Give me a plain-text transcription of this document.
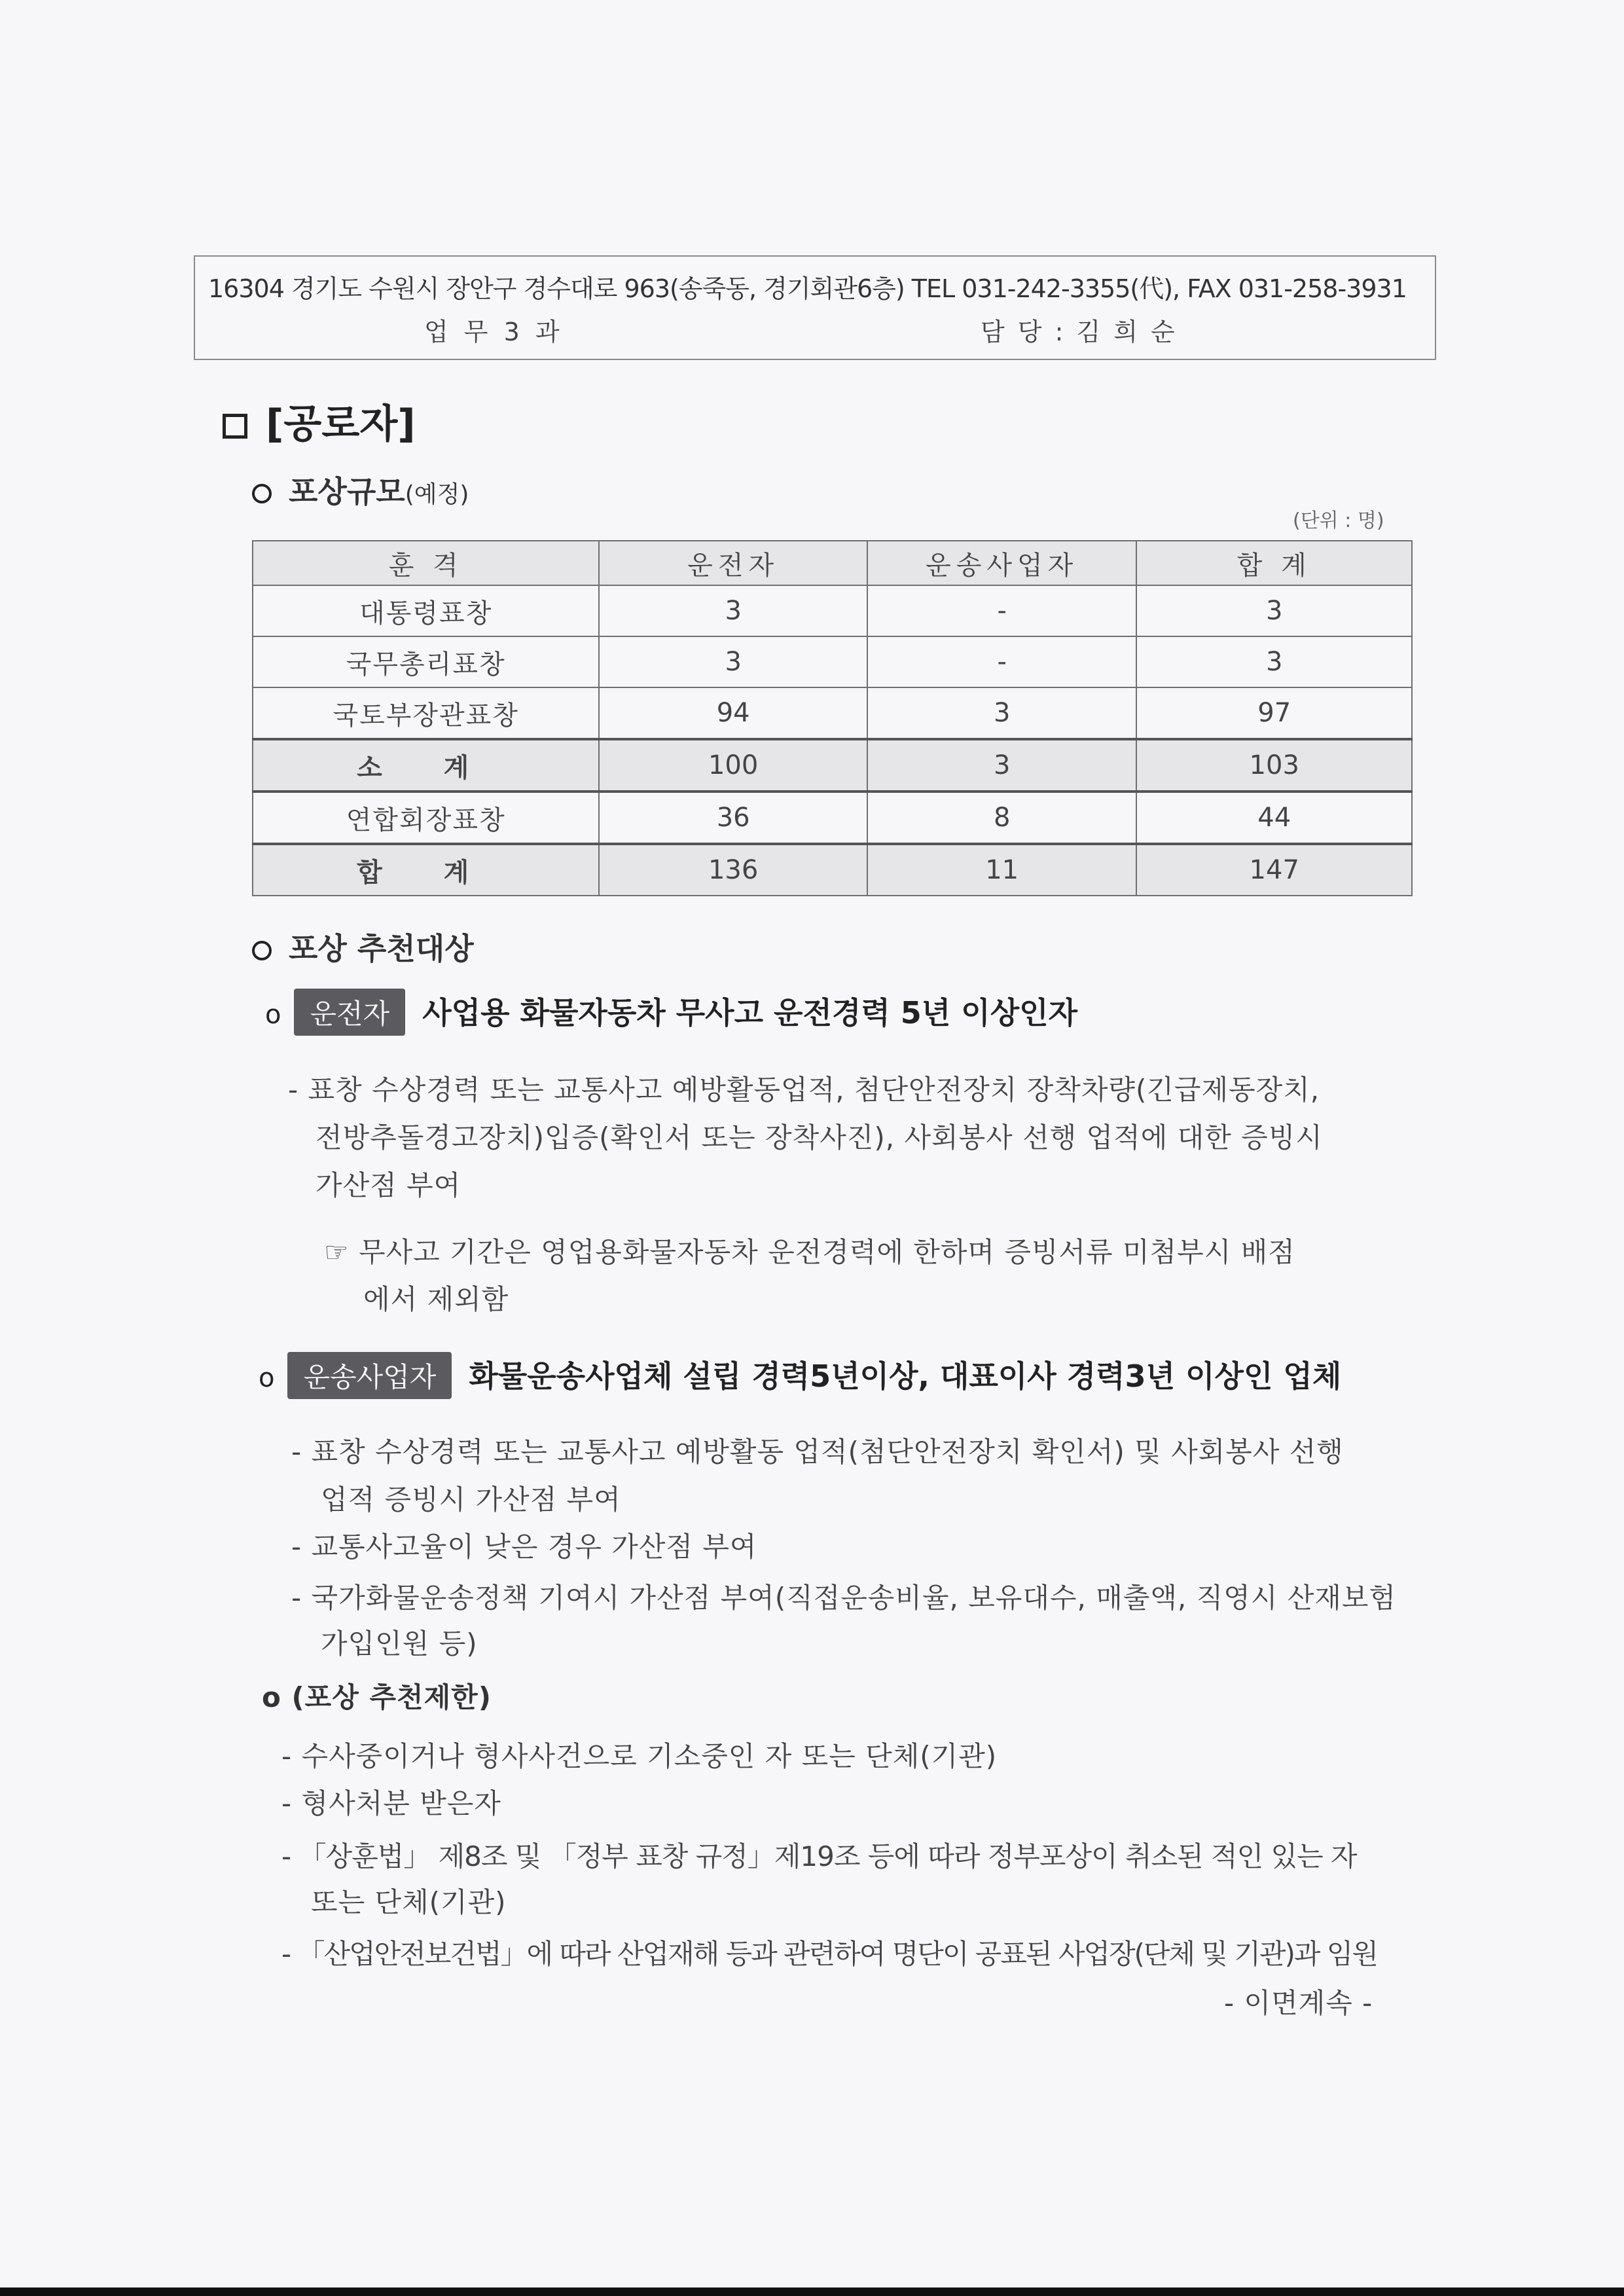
16304 경기도 수원시 장안구 경수대로 963(송죽동, 경기회관6층) TEL 031-242-3355(代), FAX 031-258-3931
업 무 3 과	담 당 : 김 희 순
[공로자]
포상규모(예정)
(단위 : 명)
훈 격	운전자	운송사업자	합 계
대통령표창	3	-	3
국무총리표창	3	-	3
국토부장관표창	94	3	97
소 계	100	3	103
연합회장표창	36	8	44
합 계	136	11	147
포상 추천대상
o 운전자 사업용 화물자동차 무사고 운전경력 5년 이상인자
- 표창 수상경력 또는 교통사고 예방활동업적, 첨단안전장치 장착차량(긴급제동장치,
전방추돌경고장치)입증(확인서 또는 장착사진), 사회봉사 선행 업적에 대한 증빙시
가산점 부여
☞ 무사고 기간은 영업용화물자동차 운전경력에 한하며 증빙서류 미첨부시 배점
에서 제외함
o 운송사업자 화물운송사업체 설립 경력5년이상, 대표이사 경력3년 이상인 업체
- 표창 수상경력 또는 교통사고 예방활동 업적(첨단안전장치 확인서) 및 사회봉사 선행
업적 증빙시 가산점 부여
- 교통사고율이 낮은 경우 가산점 부여
- 국가화물운송정책 기여시 가산점 부여(직접운송비율, 보유대수, 매출액, 직영시 산재보험
가입인원 등)
o (포상 추천제한)
- 수사중이거나 형사사건으로 기소중인 자 또는 단체(기관)
- 형사처분 받은자
- 「상훈법」 제8조 및 「정부 표창 규정」제19조 등에 따라 정부포상이 취소된 적인 있는 자
또는 단체(기관)
- 「산업안전보건법」에 따라 산업재해 등과 관련하여 명단이 공표된 사업장(단체 및 기관)과 임원
- 이면계속 -
